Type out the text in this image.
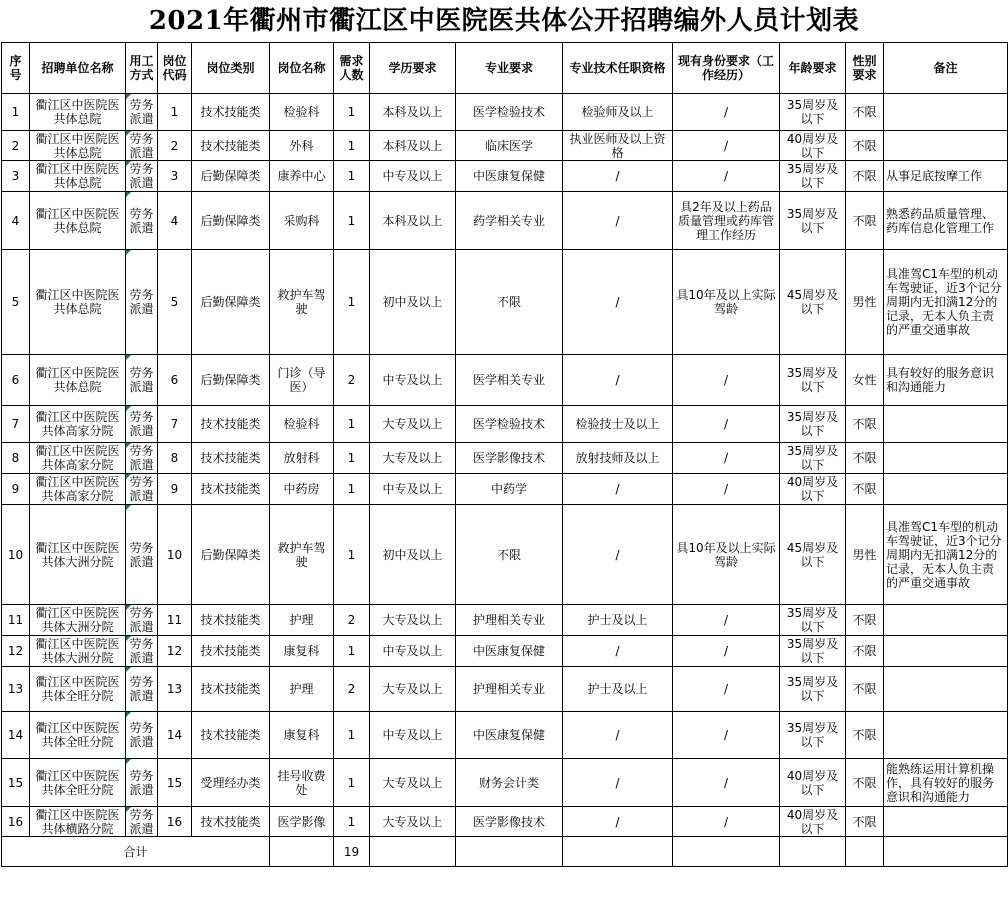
2021年衢州市衢江区中医院医共体公开招聘编外人员计划表
序号	招聘单位名称	用工方式	岗位代码	岗位类别	岗位名称	需求人数	学历要求	专业要求	专业技术任职资格	现有身份要求（工作经历）	年龄要求	性别要求	备注
1	衢江区中医院医共体总院	劳务派遣	1	技术技能类	检验科	1	本科及以上	医学检验技术	检验师及以上	/	35周岁及以下	不限	
2	衢江区中医院医共体总院	劳务派遣	2	技术技能类	外科	1	本科及以上	临床医学	执业医师及以上资格	/	40周岁及以下	不限	
3	衢江区中医院医共体总院	劳务派遣	3	后勤保障类	康养中心	1	中专及以上	中医康复保健	/	/	35周岁及以下	不限	从事足底按摩工作
4	衢江区中医院医共体总院	劳务派遣	4	后勤保障类	采购科	1	本科及以上	药学相关专业	/	具2年及以上药品质量管理或药库管理工作经历	35周岁及以下	不限	熟悉药品质量管理、药库信息化管理工作
5	衢江区中医院医共体总院	劳务派遣	5	后勤保障类	救护车驾驶	1	初中及以上	不限	/	具10年及以上实际驾龄	45周岁及以下	男性	具准驾C1车型的机动车驾驶证，近3个记分周期内无扣满12分的记录，无本人负主责的严重交通事故
6	衢江区中医院医共体总院	劳务派遣	6	后勤保障类	门诊（导医）	2	中专及以上	医学相关专业	/	/	35周岁及以下	女性	具有较好的服务意识和沟通能力
7	衢江区中医院医共体高家分院	劳务派遣	7	技术技能类	检验科	1	大专及以上	医学检验技术	检验技士及以上	/	35周岁及以下	不限	
8	衢江区中医院医共体高家分院	劳务派遣	8	技术技能类	放射科	1	大专及以上	医学影像技术	放射技师及以上	/	35周岁及以下	不限	
9	衢江区中医院医共体高家分院	劳务派遣	9	技术技能类	中药房	1	中专及以上	中药学	/	/	40周岁及以下	不限	
10	衢江区中医院医共体大洲分院	劳务派遣	10	后勤保障类	救护车驾驶	1	初中及以上	不限	/	具10年及以上实际驾龄	45周岁及以下	男性	具准驾C1车型的机动车驾驶证，近3个记分周期内无扣满12分的记录，无本人负主责的严重交通事故
11	衢江区中医院医共体大洲分院	劳务派遣	11	技术技能类	护理	2	大专及以上	护理相关专业	护士及以上	/	35周岁及以下	不限	
12	衢江区中医院医共体大洲分院	劳务派遣	12	技术技能类	康复科	1	中专及以上	中医康复保健	/	/	35周岁及以下	不限	
13	衢江区中医院医共体全旺分院	劳务派遣	13	技术技能类	护理	2	大专及以上	护理相关专业	护士及以上	/	35周岁及以下	不限	
14	衢江区中医院医共体全旺分院	劳务派遣	14	技术技能类	康复科	1	中专及以上	中医康复保健	/	/	35周岁及以下	不限	
15	衢江区中医院医共体全旺分院	劳务派遣	15	受理经办类	挂号收费处	1	大专及以上	财务会计类	/	/	40周岁及以下	不限	能熟练运用计算机操作，具有较好的服务意识和沟通能力
16	衢江区中医院医共体横路分院	劳务派遣	16	技术技能类	医学影像	1	大专及以上	医学影像技术	/	/	40周岁及以下	不限	
合计						19							
